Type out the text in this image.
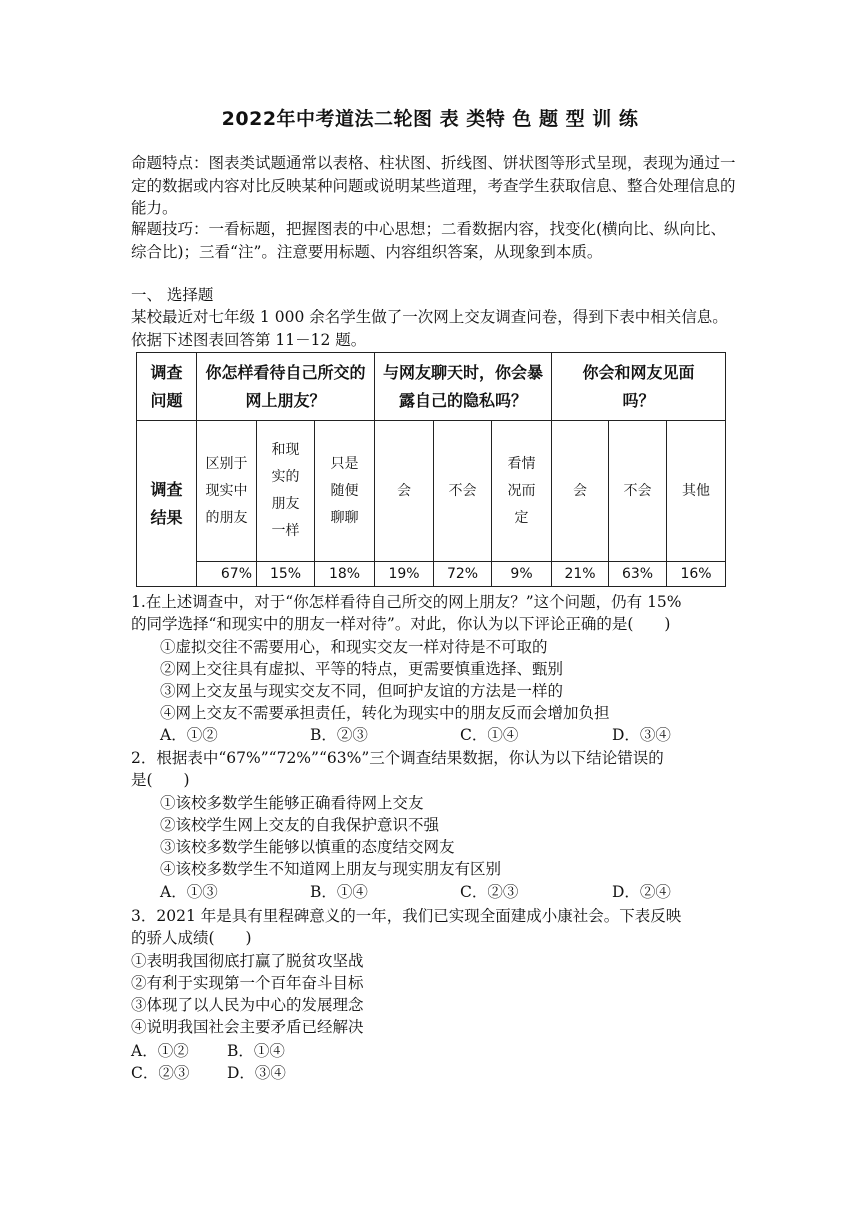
2022年中考道法二轮图 表 类特 色 题 型 训 练
命题特点：图表类试题通常以表格、柱状图、折线图、饼状图等形式呈现，表现为通过一定的数据或内容对比反映某种问题或说明某些道理，考查学生获取信息、整合处理信息的能力。
解题技巧：一看标题，把握图表的中心思想；二看数据内容，找变化(横向比、纵向比、综合比)；三看“注”。注意要用标题、内容组织答案，从现象到本质。
一、 选择题
某校最近对七年级 1 000 余名学生做了一次网上交友调查问卷，得到下表中相关信息。依据下述图表回答第 11－12 题。
调查问题	你怎样看待自己所交的网上朋友？			与网友聊天时，你会暴露自己的隐私吗？			你会和网友见面吗？		
调查结果	区别于现实中的朋友	和现实的朋友一样	只是随便聊聊	会	不会	看情况而定	会	不会	其他
	67%	15%	18%	19%	72%	9%	21%	63%	16%
1.在上述调查中，对于“你怎样看待自己所交的网上朋友？”这个问题，仍有 15%
的同学选择“和现实中的朋友一样对待”。对此，你认为以下评论正确的是(　　)
①虚拟交往不需要用心，和现实交友一样对待是不可取的
②网上交往具有虚拟、平等的特点，更需要慎重选择、甄别
③网上交友虽与现实交友不同，但呵护友谊的方法是一样的
④网上交友不需要承担责任，转化为现实中的朋友反而会增加负担
A．①②	B．②③	C．①④	D．③④
2．根据表中“67%”“72%”“63%”三个调查结果数据，你认为以下结论错误的
是(　　)
①该校多数学生能够正确看待网上交友
②该校学生网上交友的自我保护意识不强
③该校多数学生能够以慎重的态度结交网友
④该校多数学生不知道网上朋友与现实朋友有区别
A．①③	B．①④	C．②③	D．②④
3．2021 年是具有里程碑意义的一年，我们已实现全面建成小康社会。下表反映
的骄人成绩(　　)
①表明我国彻底打赢了脱贫攻坚战
②有利于实现第一个百年奋斗目标
③体现了以人民为中心的发展理念
④说明我国社会主要矛盾已经解决
A．①② B．①④
C．②③ D．③④
